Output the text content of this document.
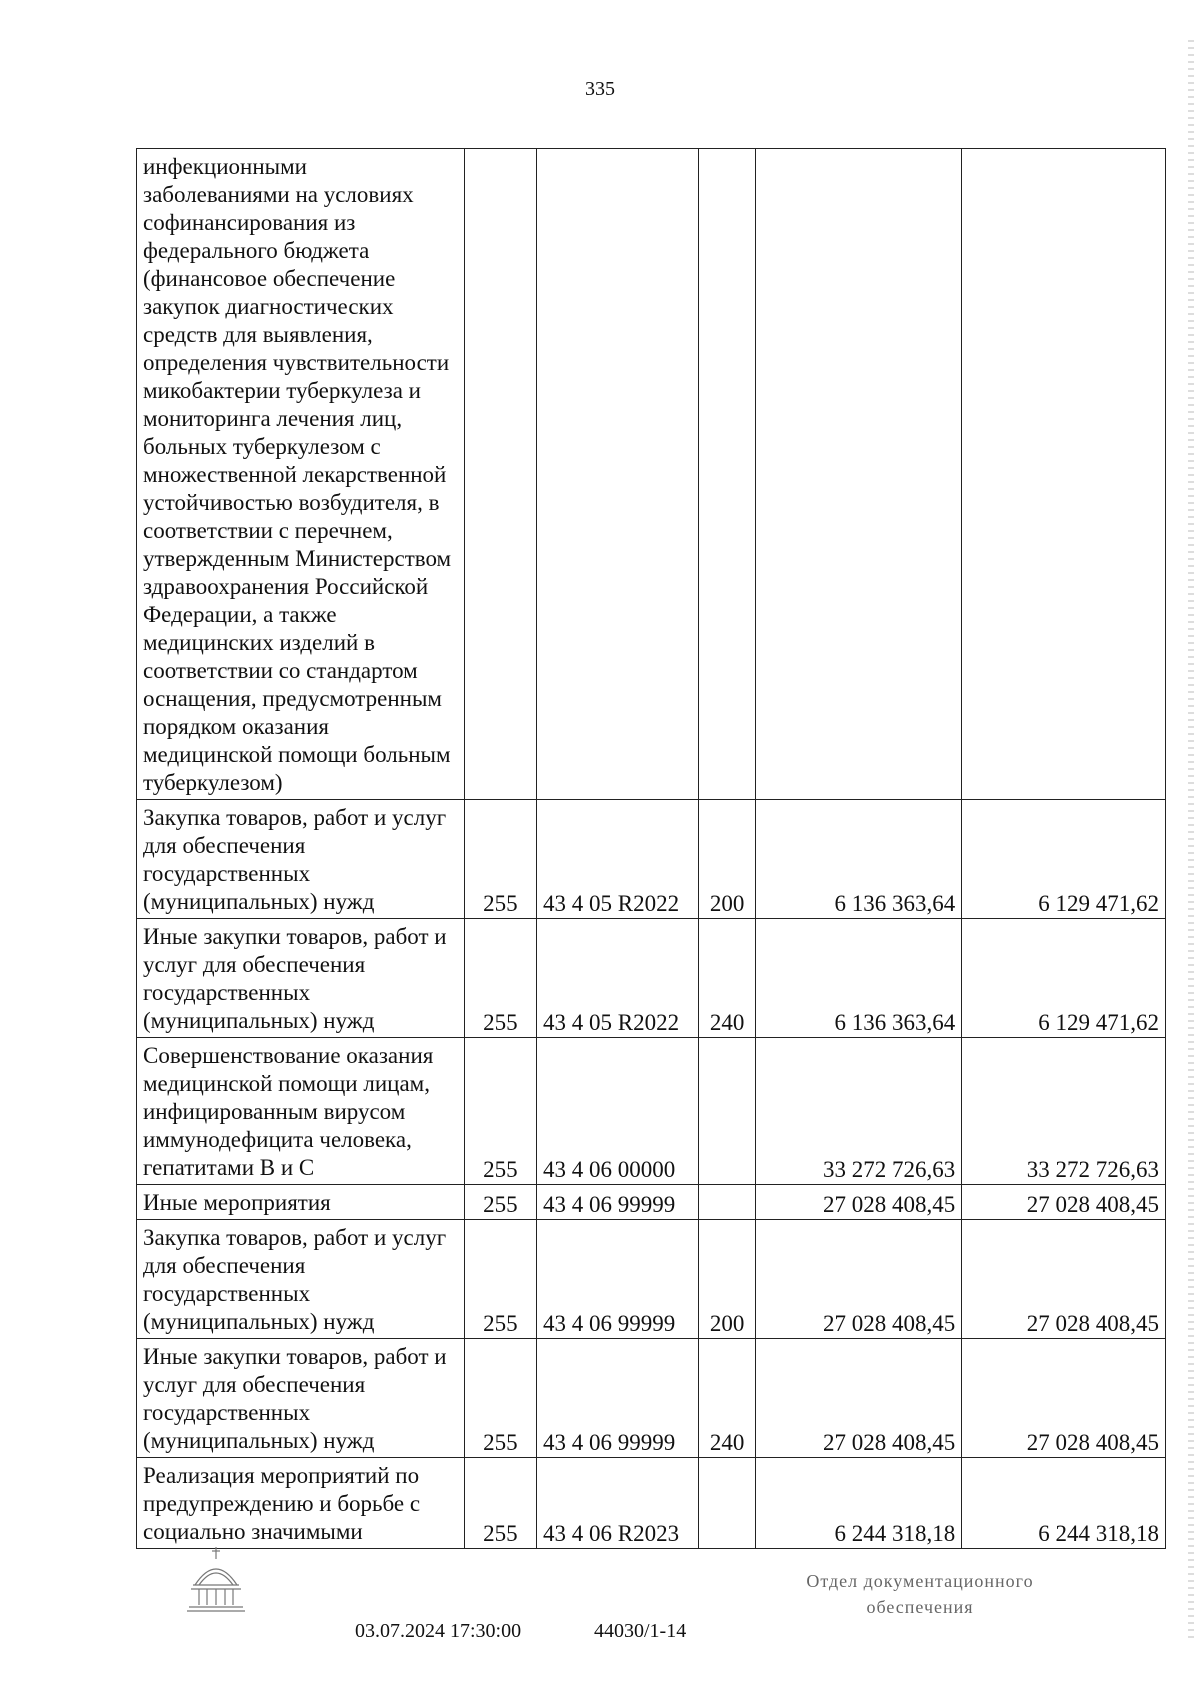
335
инфекционными заболеваниями на условиях софинансирования из федерального бюджета (финансовое обеспечение закупок диагностических средств для выявления, определения чувствительности микобактерии туберкулеза и мониторинга лечения лиц, больных туберкулезом с множественной лекарственной устойчивостью возбудителя, в соответствии с перечнем, утвержденным Министерством здравоохранения Российской Федерации, а также медицинских изделий в соответствии со стандартом оснащения, предусмотренным порядком оказания медицинской помощи больным туберкулезом)					
Закупка товаров, работ и услуг для обеспечения государственных (муниципальных) нужд	255	43 4 05 R2022	200	6 136 363,64	6 129 471,62
Иные закупки товаров, работ и услуг для обеспечения государственных (муниципальных) нужд	255	43 4 05 R2022	240	6 136 363,64	6 129 471,62
Совершенствование оказания медицинской помощи лицам, инфицированным вирусом иммунодефицита человека, гепатитами В и С	255	43 4 06 00000		33 272 726,63	33 272 726,63
Иные мероприятия	255	43 4 06 99999		27 028 408,45	27 028 408,45
Закупка товаров, работ и услуг для обеспечения государственных (муниципальных) нужд	255	43 4 06 99999	200	27 028 408,45	27 028 408,45
Иные закупки товаров, работ и услуг для обеспечения государственных (муниципальных) нужд	255	43 4 06 99999	240	27 028 408,45	27 028 408,45
Реализация мероприятий по предупреждению и борьбе с социально значимыми	255	43 4 06 R2023		6 244 318,18	6 244 318,18
03.07.2024 17:30:00	44030/1-14
Отдел документационного обеспечения
